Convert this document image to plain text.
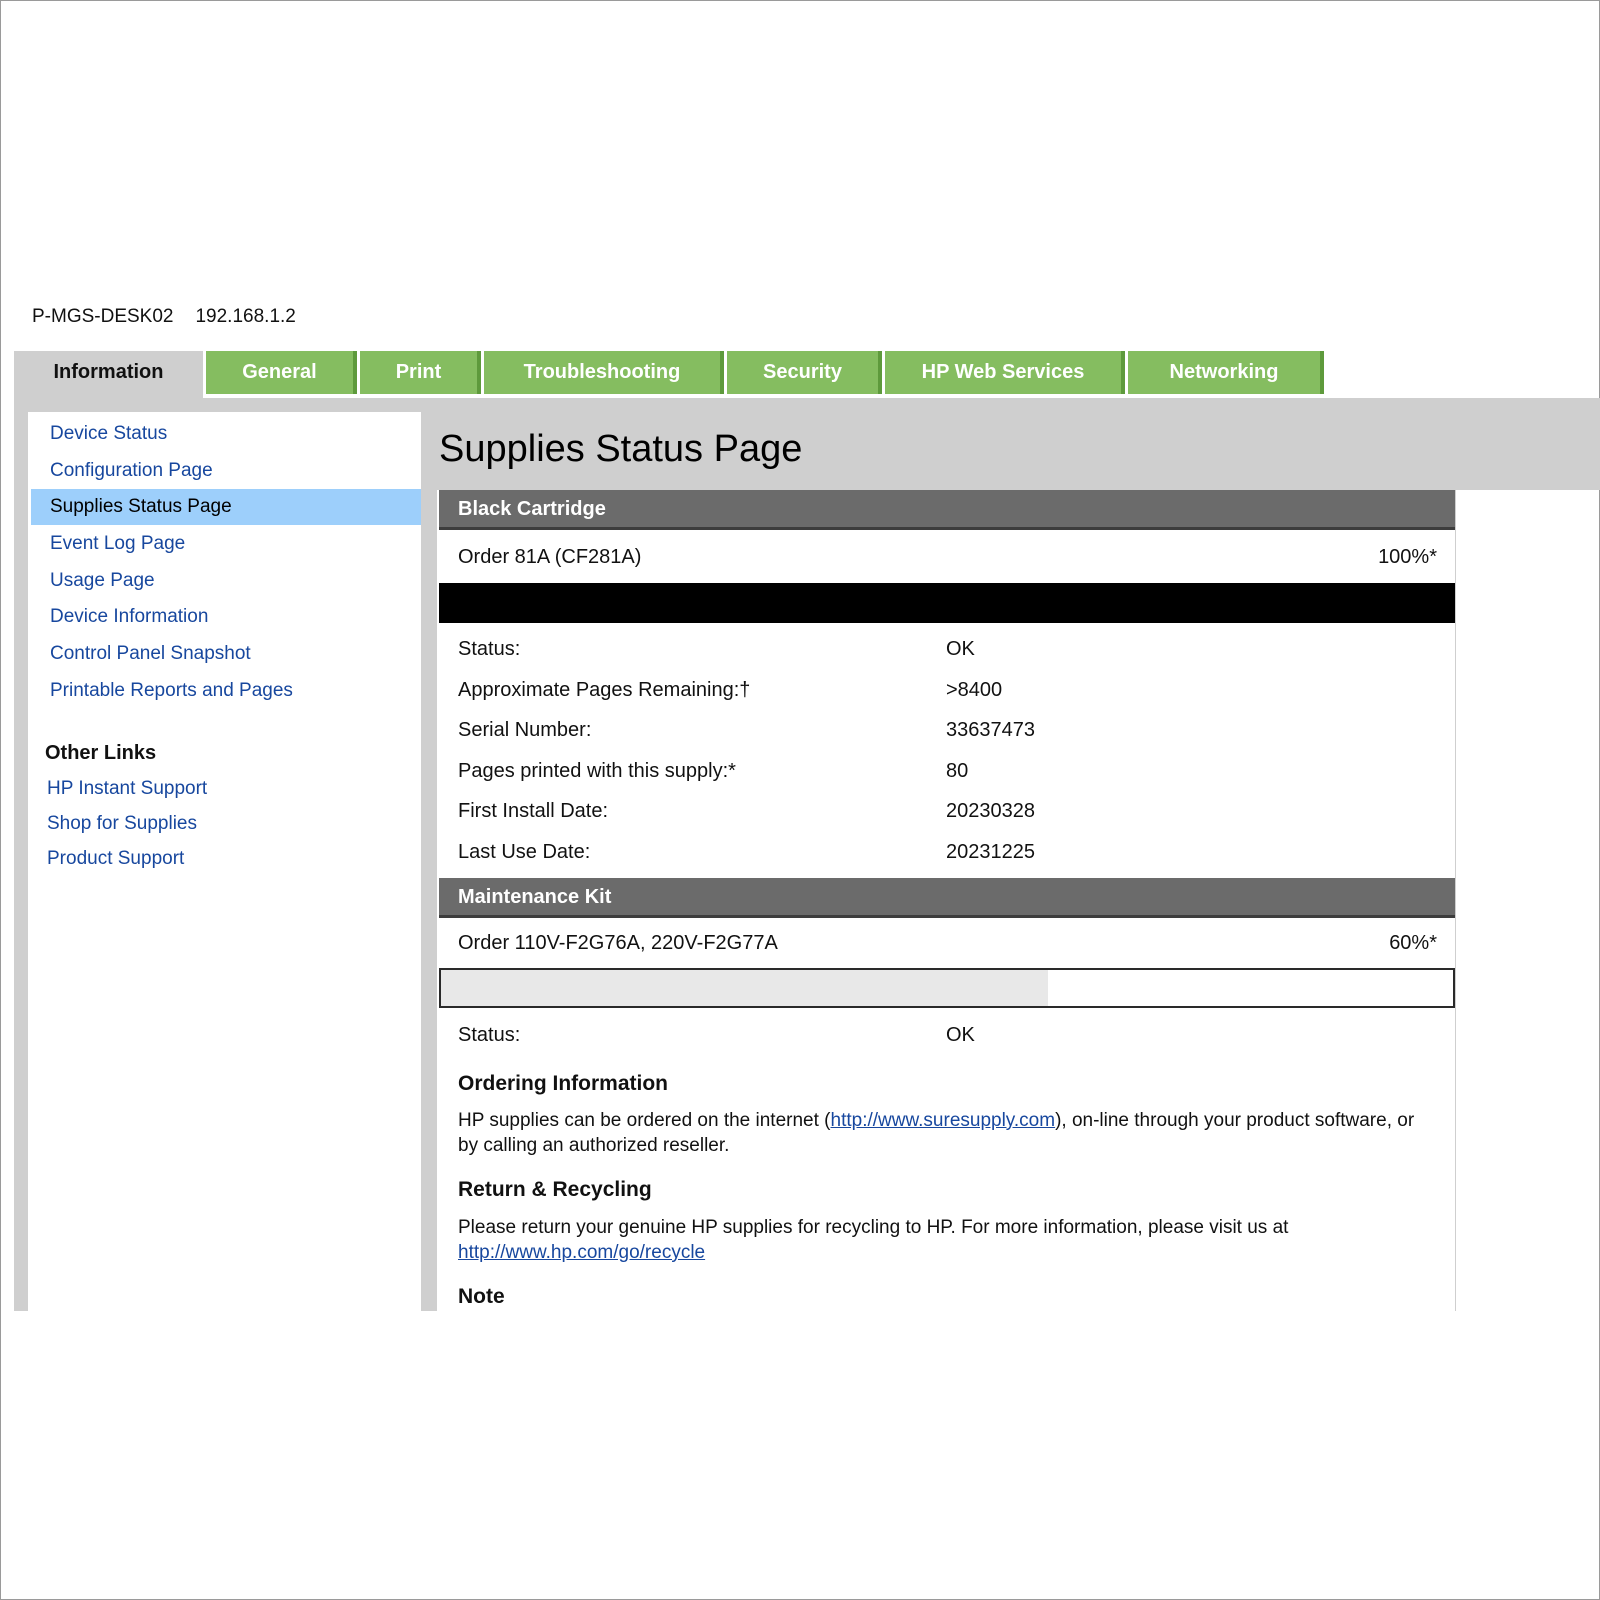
P-MGS-DESK02 192.168.1.2
Information	General	Print	Troubleshooting	Security	HP Web Services	Networking
Device Status
Configuration Page
Supplies Status Page
Event Log Page
Usage Page
Device Information
Control Panel Snapshot
Printable Reports and Pages
Other Links
HP Instant Support
Shop for Supplies
Product Support
Supplies Status Page
Black Cartridge
Order 81A (CF281A)	100%*
Status:	OK
Approximate Pages Remaining:†	>8400
Serial Number:	33637473
Pages printed with this supply:*	80
First Install Date:	20230328
Last Use Date:	20231225
Maintenance Kit
Order 110V-F2G76A, 220V-F2G77A	60%*
Status:	OK
Ordering Information
HP supplies can be ordered on the internet (http://www.suresupply.com), on-line through your product software, or by calling an authorized reseller.
Return & Recycling
Please return your genuine HP supplies for recycling to HP. For more information, please visit us at
http://www.hp.com/go/recycle
Note
